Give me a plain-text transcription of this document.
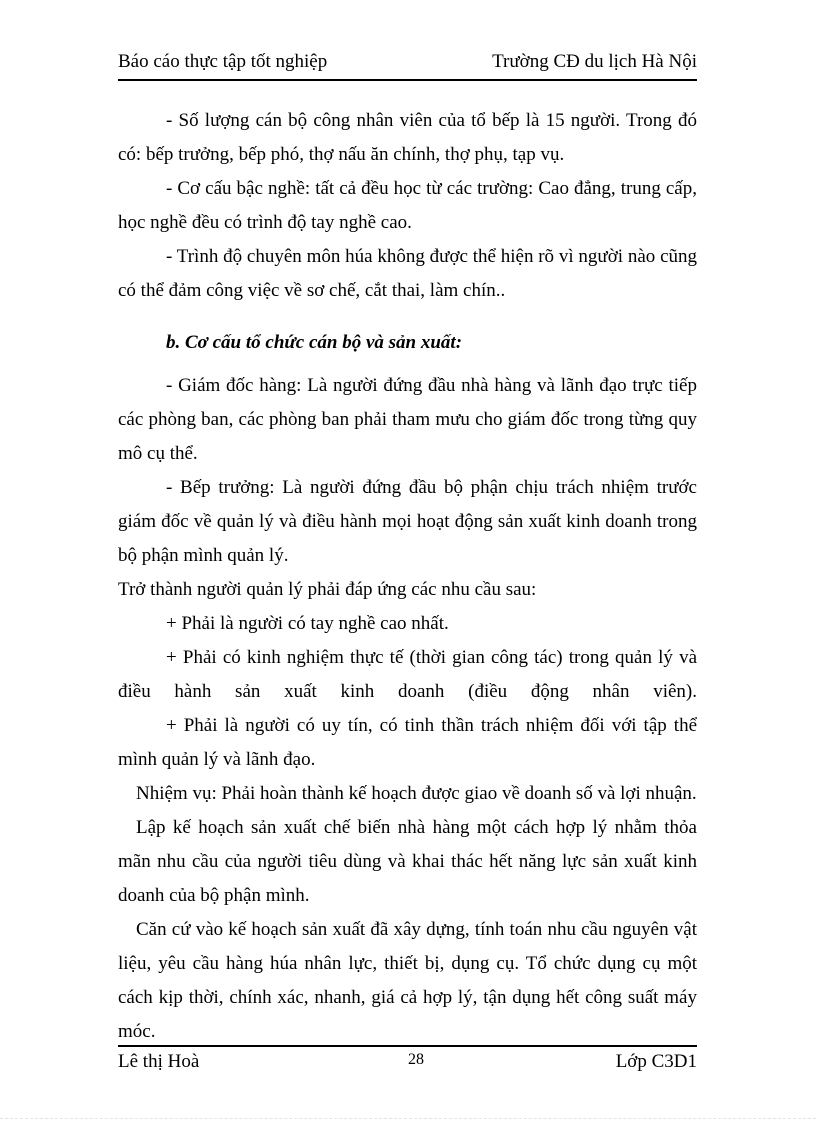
Báo cáo thực tập tốt nghiệp	Trường CĐ du lịch Hà Nội

- Số lượng cán bộ công nhân viên của tổ bếp là 15 người. Trong đó có: bếp trưởng, bếp phó, thợ nấu ăn chính, thợ phụ, tạp vụ.

- Cơ cấu bậc nghề: tất cả đều học từ các trường: Cao đẳng, trung cấp, học nghề đều có trình độ tay nghề cao.

- Trình độ chuyên môn húa không được thể hiện rõ vì người nào cũng có thể đảm công việc về sơ chế, cắt thai, làm chín..

b. Cơ cấu tổ chức cán bộ và sản xuất:

- Giám đốc hàng: Là người đứng đầu nhà hàng và lãnh đạo trực tiếp các phòng ban, các phòng ban phải tham mưu cho giám đốc trong từng quy mô cụ thể.

- Bếp trưởng: Là người đứng đầu bộ phận chịu trách nhiệm trước giám đốc về quản lý và điều hành mọi hoạt động sản xuất kinh doanh trong bộ phận mình quản lý.

Trở thành người quản lý phải đáp ứng các nhu cầu sau:

+ Phải là người có tay nghề cao nhất.

+ Phải có kinh nghiệm thực tế (thời gian công tác) trong quản lý và điều hành sản xuất kinh doanh (điều động nhân viên).

+ Phải là người có uy tín, có tinh thần trách nhiệm đối với tập thể mình quản lý và lãnh đạo.

Nhiệm vụ: Phải hoàn thành kế hoạch được giao về doanh số và lợi nhuận.

Lập kế hoạch sản xuất chế biến nhà hàng một cách hợp lý nhằm thỏa mãn nhu cầu của người tiêu dùng và khai thác hết năng lực sản xuất kinh doanh của bộ phận mình.

Căn cứ vào kế hoạch sản xuất đã xây dựng, tính toán nhu cầu nguyên vật liệu, yêu cầu hàng húa nhân lực, thiết bị, dụng cụ. Tổ chức dụng cụ một cách kịp thời, chính xác, nhanh, giá cả hợp lý, tận dụng hết công suất máy móc.

Lê thị Hoà	28	Lớp C3D1
